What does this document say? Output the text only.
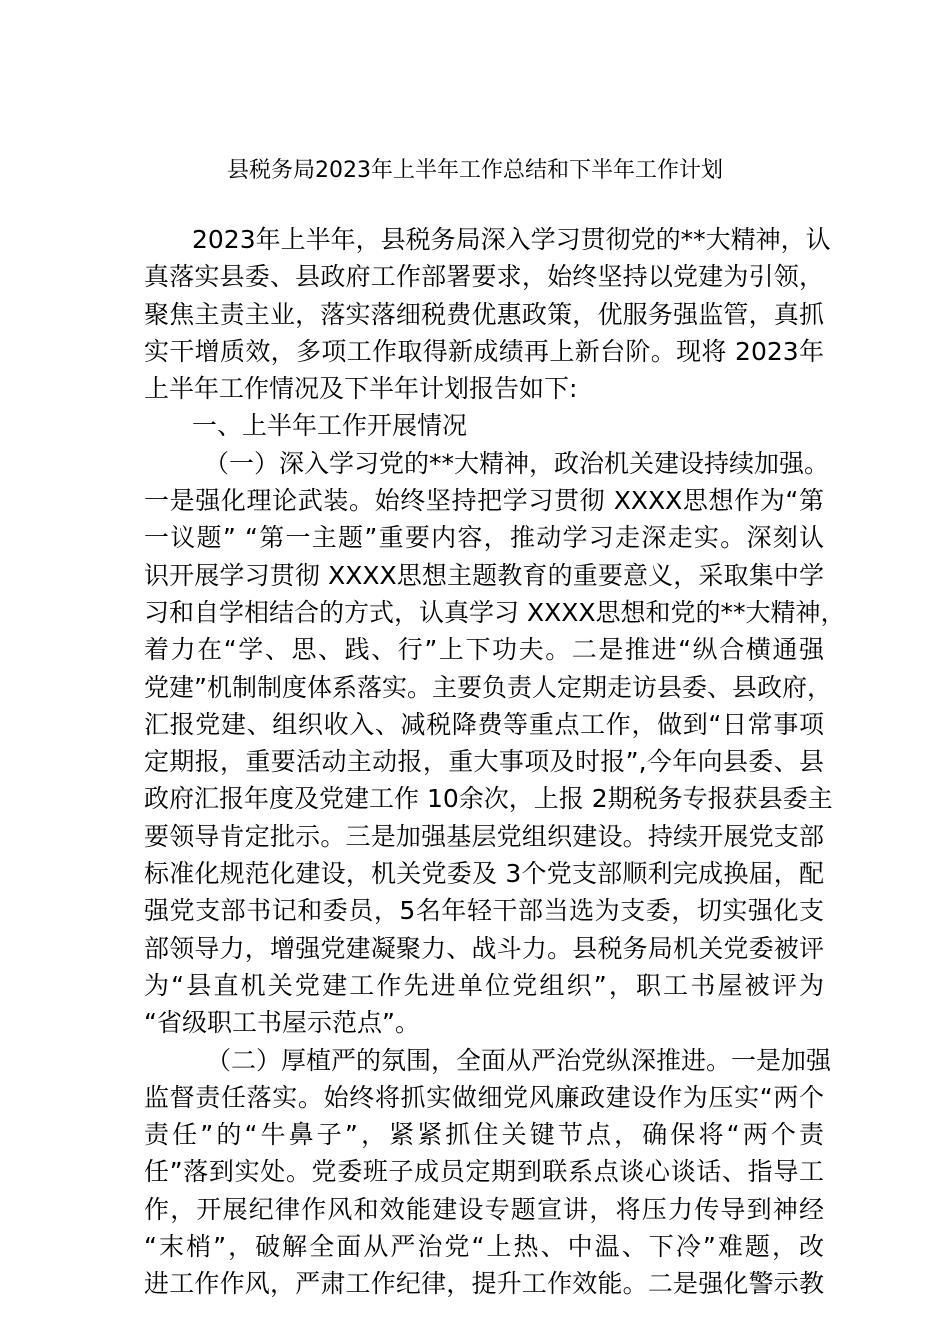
县税务局2023年上半年工作总结和下半年工作计划
2023年上半年，县税务局深入学习贯彻党的**大精神，认
真落实县委、县政府工作部署要求，始终坚持以党建为引领，
聚焦主责主业，落实落细税费优惠政策，优服务强监管，真抓
实干增质效，多项工作取得新成绩再上新台阶。现将 2023年
上半年工作情况及下半年计划报告如下:
一、上半年工作开展情况
（一）深入学习党的**大精神，政治机关建设持续加强。
一是强化理论武装。始终坚持把学习贯彻 XXXX思想作为“第
一议题” “第一主题”重要内容，推动学习走深走实。深刻认
识开展学习贯彻 XXXX思想主题教育的重要意义，采取集中学
习和自学相结合的方式，认真学习 XXXX思想和党的**大精神，
着力在“学、思、践、行”上下功夫。二是推进“纵合横通强
党建”机制制度体系落实。主要负责人定期走访县委、县政府，
汇报党建、组织收入、减税降费等重点工作，做到“日常事项
定期报，重要活动主动报，重大事项及时报”,今年向县委、县
政府汇报年度及党建工作 10余次，上报 2期税务专报获县委主
要领导肯定批示。三是加强基层党组织建设。持续开展党支部
标准化规范化建设，机关党委及 3个党支部顺利完成换届，配
强党支部书记和委员，5名年轻干部当选为支委，切实强化支
部领导力，增强党建凝聚力、战斗力。县税务局机关党委被评
为“县直机关党建工作先进单位党组织”，职工书屋被评为
“省级职工书屋示范点”。
（二）厚植严的氛围，全面从严治党纵深推进。一是加强
监督责任落实。始终将抓实做细党风廉政建设作为压实“两个
责任”的“牛鼻子”，紧紧抓住关键节点，确保将“两个责
任”落到实处。党委班子成员定期到联系点谈心谈话、指导工
作，开展纪律作风和效能建设专题宣讲，将压力传导到神经
“末梢”，破解全面从严治党“上热、中温、下冷”难题，改
进工作作风，严肃工作纪律，提升工作效能。二是强化警示教
